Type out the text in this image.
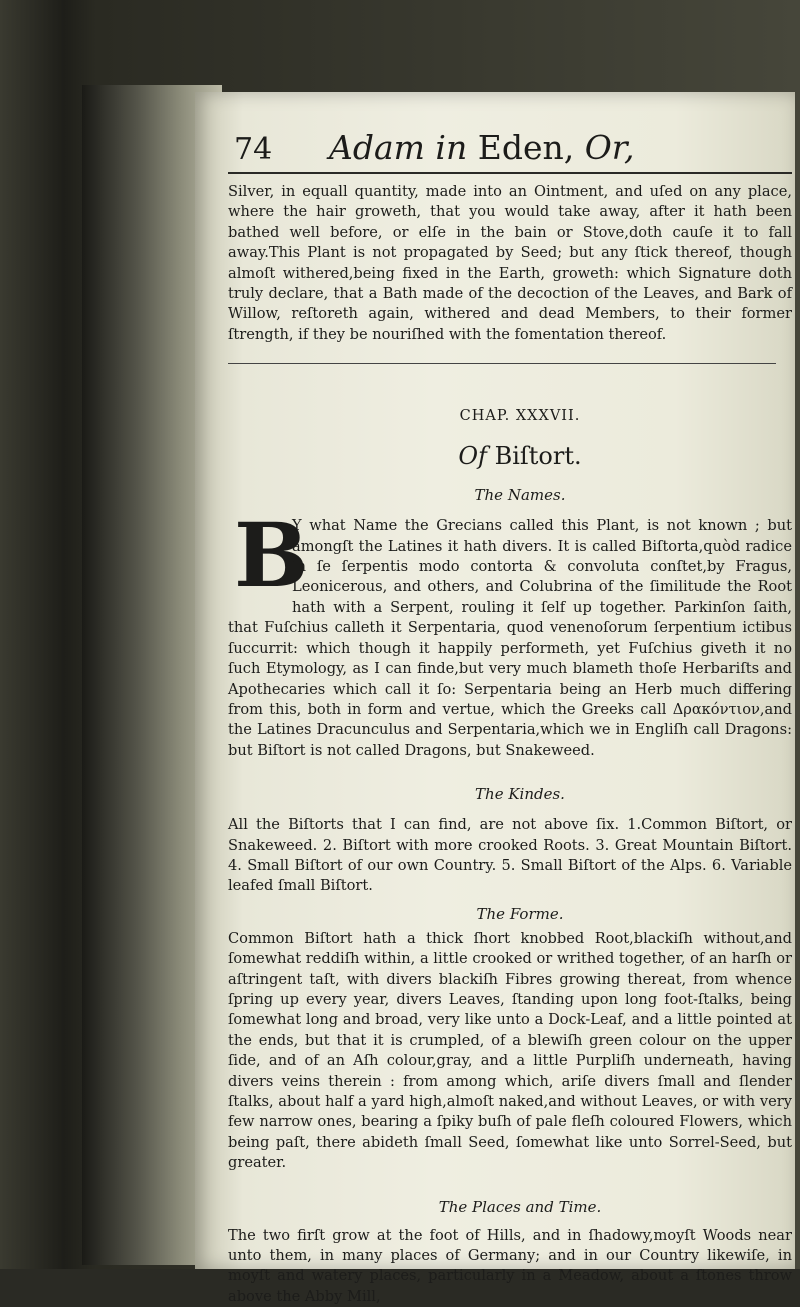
74	Adam in Eden, Or,

Silver, in equall quantity, made into an Ointment, and uſed on any place, where the hair groweth, that you would take away, after it hath been bathed well before, or elſe in the bain or Stove,doth cauſe it to fall away.This Plant is not propagated by Seed; but any ſtick thereof, though almoſt withered,being fixed in the Earth, groweth: which Signature doth truly declare, that a Bath made of the decoction of the Leaves, and Bark of Willow, reſtoreth again, withered and dead Members, to their former ſtrength, if they be nouriſhed with the fomentation thereof.

CHAP. XXXVII.
Of Biſtort.
The Names.
B

Y what Name the Grecians called this Plant, is not known ; but amongſt the Latines it hath divers. It is called Biſtorta,quòd radice in ſe ſerpentis modo contorta & convoluta conſtet,by Fragus, Leonicerous, and others, and Colubrina of the ſimilitude the Root hath with a Serpent, rouling it ſelf up together. Parkinſon ſaith, that Fuſchius calleth it Serpentaria, quod venenoſorum ſerpentium ictibus ſuccurrit: which though it happily performeth, yet Fuſchius giveth it no ſuch Etymology, as I can finde,but very much blameth thoſe Herbariſts and Apothecaries which call it ſo: Serpentaria being an Herb much differing from this, both in form and vertue, which the Greeks call Δρακόντιον,and the Latines Dracunculus and Serpentaria,which we in Engliſh call Dragons: but Biſtort is not called Dragons, but Snakeweed.

The Kindes.

All the Biſtorts that I can find, are not above ſix. 1.Common Biſtort, or Snakeweed. 2. Biſtort with more crooked Roots. 3. Great Mountain Biſtort. 4. Small Biſtort of our own Country. 5. Small Biſtort of the Alps. 6. Variable leafed ſmall Biſtort.

The Forme.

Common Biſtort hath a thick ſhort knobbed Root,blackiſh without,and ſomewhat reddiſh within, a little crooked or writhed together, of an harſh or aſtringent taſt, with divers blackiſh Fibres growing thereat, from whence ſpring up every year, divers Leaves, ſtanding upon long foot-ſtalks, being ſomewhat long and broad, very like unto a Dock-Leaf, and a little pointed at the ends, but that it is crumpled, of a blewiſh green colour on the upper ſide, and of an Aſh colour,gray, and a little Purpliſh underneath, having divers veins therein : from among which, ariſe divers ſmall and ſlender ſtalks, about half a yard high,almoſt naked,and without Leaves, or with very few narrow ones, bearing a ſpiky buſh of pale fleſh coloured Flowers, which being paſt, there abideth ſmall Seed, ſomewhat like unto Sorrel-Seed, but greater.

The Places and Time.

The two firſt grow at the foot of Hills, and in ſhadowy,moyſt Woods near unto them, in many places of Germany; and in our Country likewiſe, in moyſt and watery places, particularly in a Meadow, about a ſtones throw above the Abby Mill,
